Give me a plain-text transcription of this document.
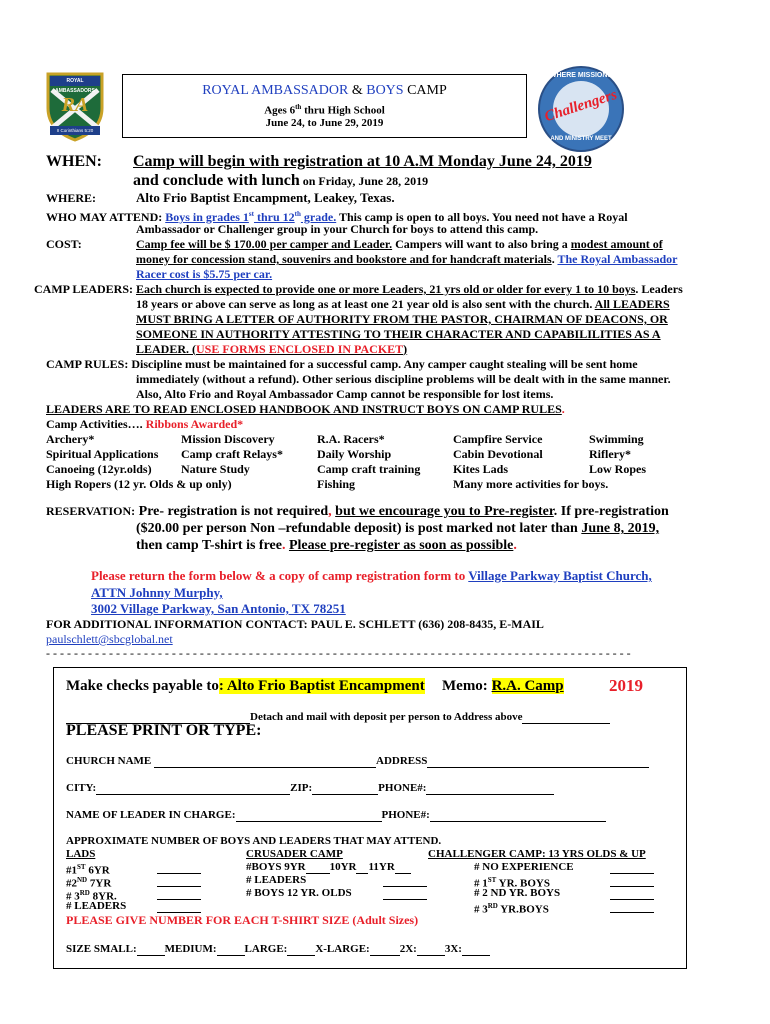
ROYAL AMBASSADORS
RA
II Corinthians 5:20
WHERE MISSIONS
Challengers
AND MINISTRY MEET
ROYAL AMBASSADOR & BOYS CAMP
Ages 6th thru High School
June 24, to June 29, 2019
WHEN: Camp will begin with registration at 10 A.M Monday June 24, 2019
and conclude with lunch on Friday, June 28, 2019
WHERE:	Alto Frio Baptist Encampment, Leakey, Texas.
WHO MAY ATTEND: Boys in grades 1st thru 12th grade. This camp is open to all boys. You need not have a Royal
Ambassador or Challenger group in your Church for boys to attend this camp.
COST:	Camp fee will be $ 170.00 per camper and Leader. Campers will want to also bring a modest amount of
money for concession stand, souvenirs and bookstore and for handcraft materials. The Royal Ambassador
Racer cost is $5.75 per car.
CAMP LEADERS: Each church is expected to provide one or more Leaders, 21 yrs old or older for every 1 to 10 boys. Leaders
18 years or above can serve as long as at least one 21 year old is also sent with the church. All LEADERS
MUST BRING A LETTER OF AUTHORITY FROM THE PASTOR, CHAIRMAN OF DEACONS, OR
SOMEONE IN AUTHORITY ATTESTING TO THEIR CHARACTER AND CAPABILILITIES AS A
LEADER. (USE FORMS ENCLOSED IN PACKET)
CAMP RULES: Discipline must be maintained for a successful camp. Any camper caught stealing will be sent home
immediately (without a refund). Other serious discipline problems will be dealt with in the same manner.
Also, Alto Frio and Royal Ambassador Camp cannot be responsible for lost items.
LEADERS ARE TO READ ENCLOSED HANDBOOK AND INSTRUCT BOYS ON CAMP RULES.
Camp Activities…. Ribbons Awarded*
Archery*	Mission Discovery	R.A. Racers*	Campfire Service	Swimming
Spiritual Applications Camp craft Relays*	Daily Worship	Cabin Devotional	Riflery*
Canoeing (12yr.olds) Nature Study	Camp craft training	Kites Lads	Low Ropes
High Ropers (12 yr. Olds & up only)	Fishing	Many more activities for boys.
RESERVATION: Pre- registration is not required, but we encourage you to Pre-register. If pre-registration
($20.00 per person Non –refundable deposit) is post marked not later than June 8, 2019,
then camp T-shirt is free. Please pre-register as soon as possible.
Please return the form below & a copy of camp registration form to Village Parkway Baptist Church,
ATTN Johnny Murphy,
3002 Village Parkway, San Antonio, TX 78251
FOR ADDITIONAL INFORMATION CONTACT: PAUL E. SCHLETT (636) 208-8435, E-MAIL
paulschlett@sbcglobal.net
- - - - - - - - - - - - - - - - - - - - - - - - - - - - - - - - - - - - - - - - - - - - - - - - - - - - - - - - - - - - - - - - - - - - - - - - - - - - - - - - - - - -
Make checks payable to: Alto Frio Baptist Encampment Memo: R.A. Camp	2019
Detach and mail with deposit per person to Address above
PLEASE PRINT OR TYPE:
CHURCH NAME	ADDRESS
CITY:	ZIP:	PHONE#:
NAME OF LEADER IN CHARGE:	PHONE#:
APPROXIMATE NUMBER OF BOYS AND LEADERS THAT MAY ATTEND.
LADS	CRUSADER CAMP	CHALLENGER CAMP: 13 YRS OLDS & UP
#1ST 6YR
#2ND 7YR
# 3RD 8YR.
# LEADERS
#BOYS 9YR 10YR 11YR
# LEADERS
# BOYS 12 YR. OLDS
# NO EXPERIENCE
# 1ST YR. BOYS
# 2 ND YR. BOYS
# 3RD YR.BOYS
PLEASE GIVE NUMBER FOR EACH T-SHIRT SIZE (Adult Sizes)
SIZE SMALL:	MEDIUM:	LARGE:	X-LARGE:	2X:	3X:
